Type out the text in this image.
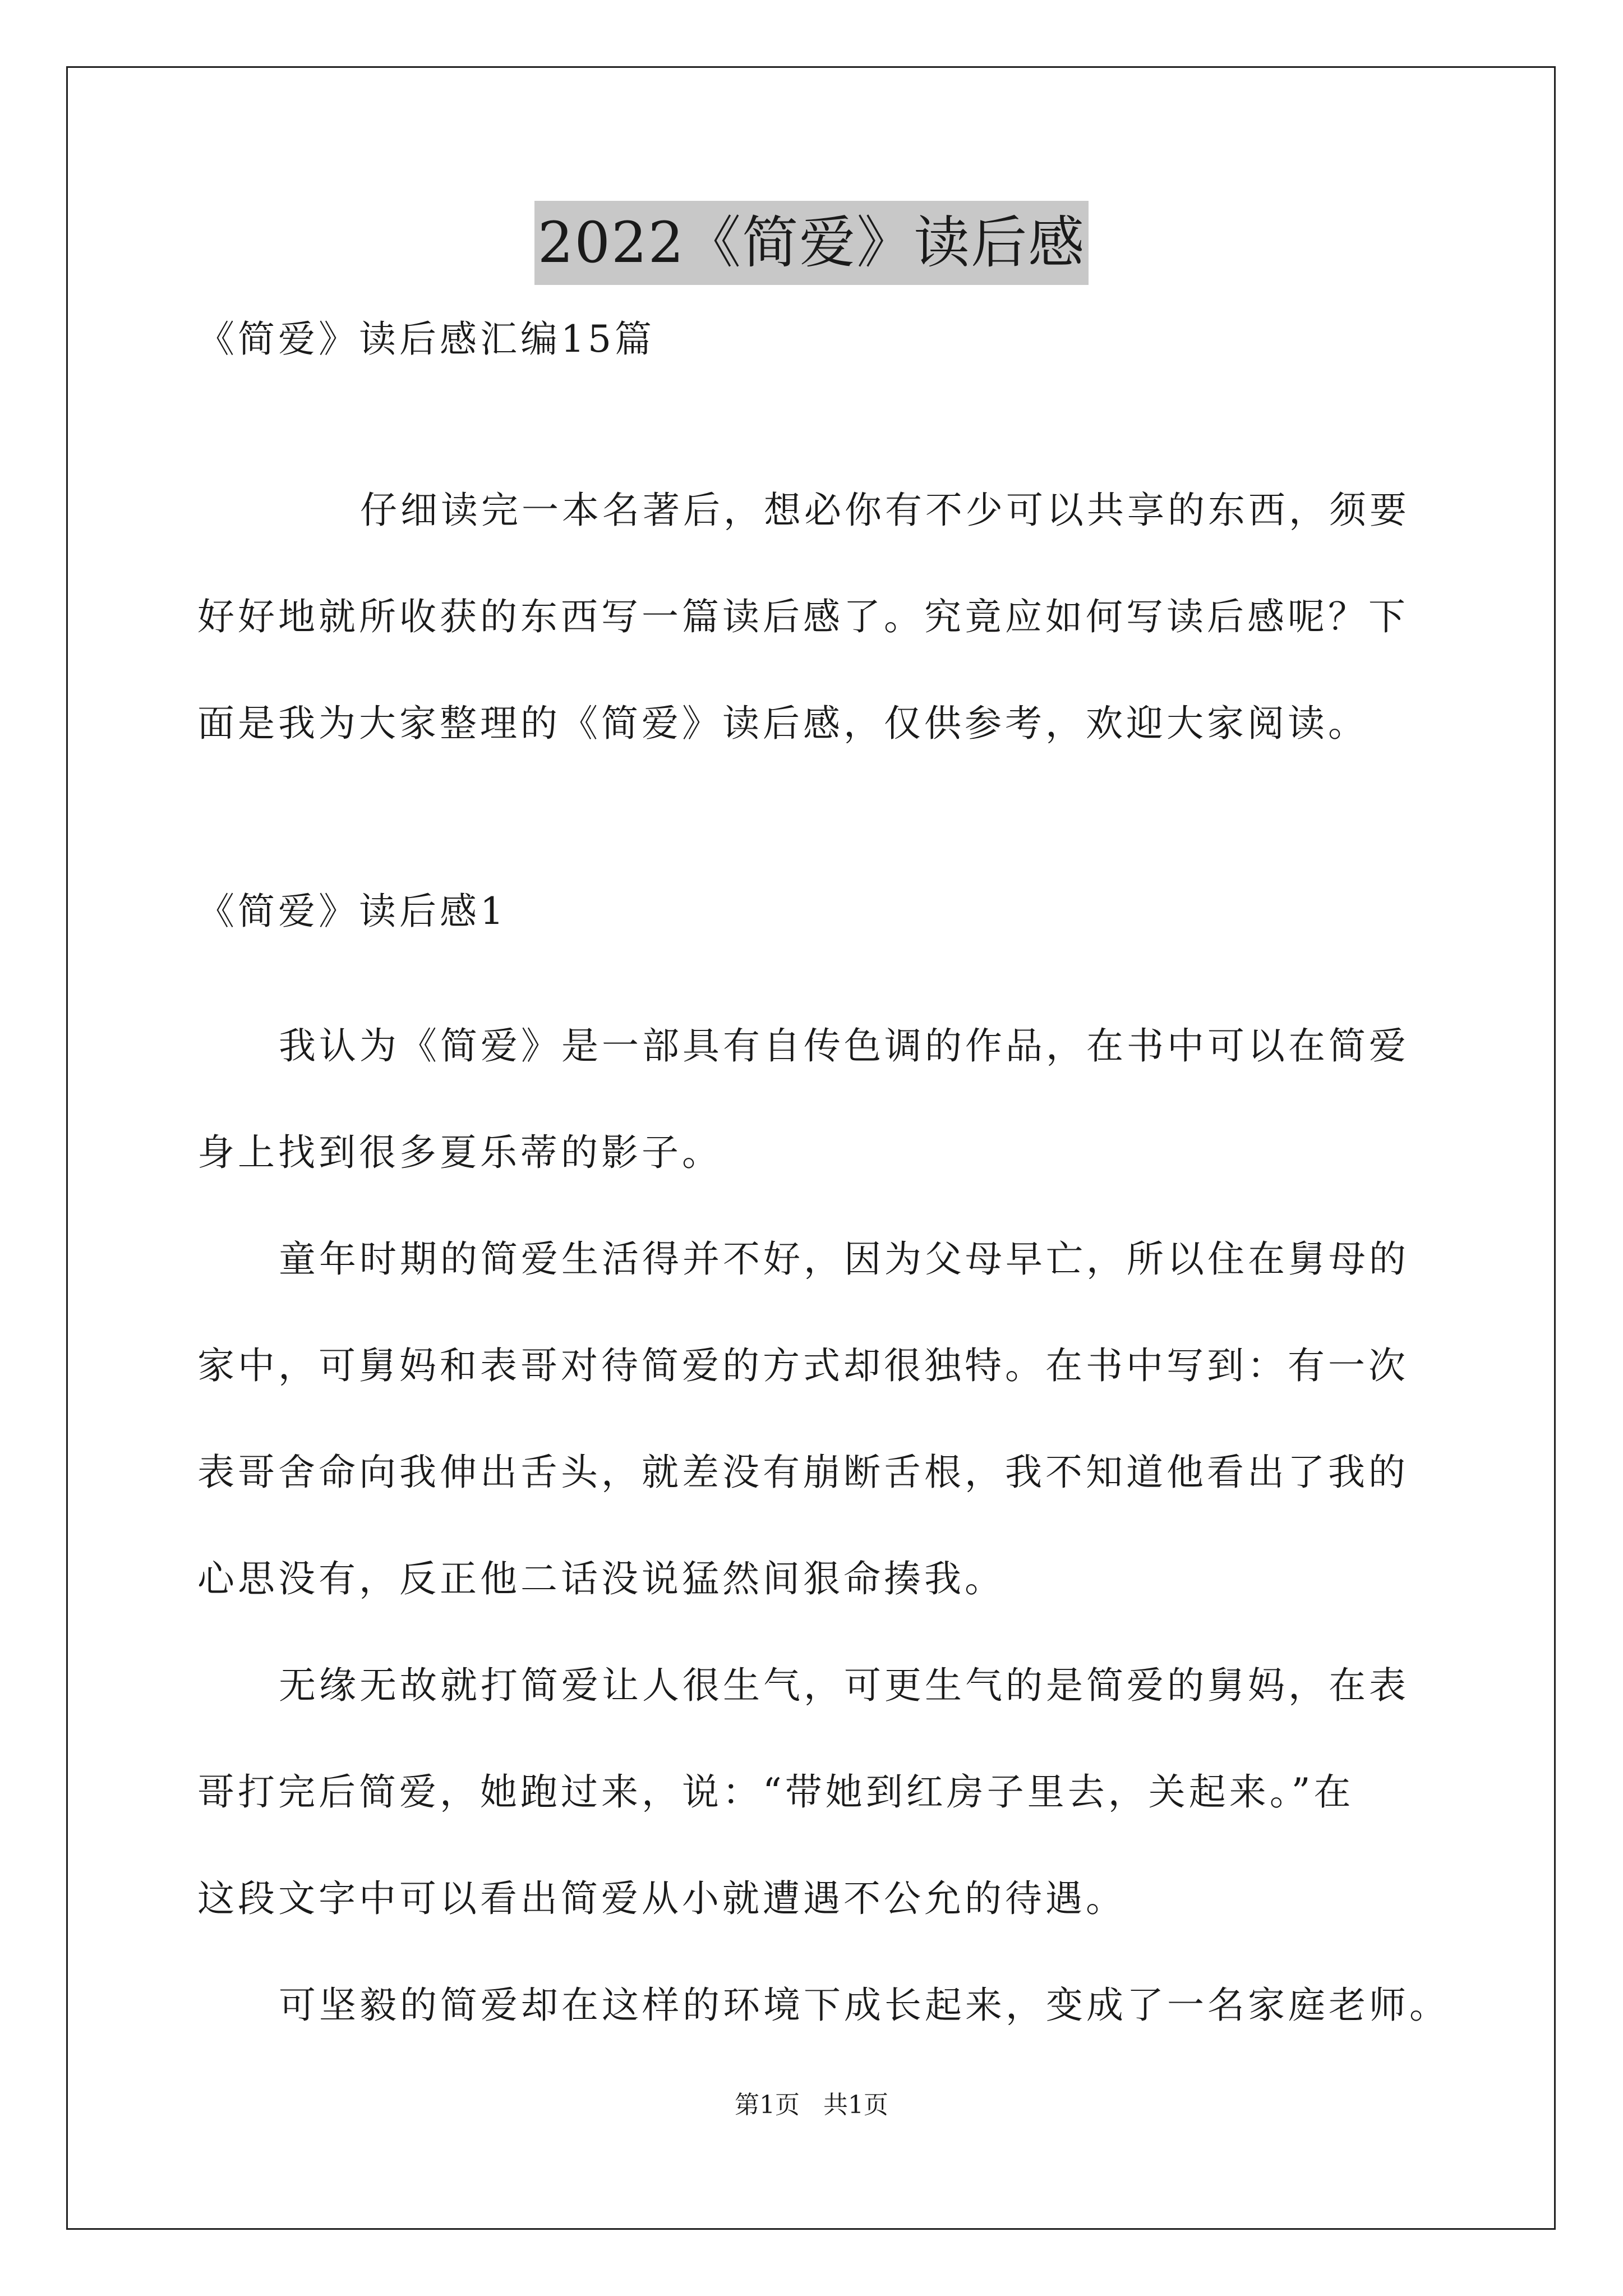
2022《简爱》读后感
《简爱》读后感汇编15篇
仔细读完一本名著后，想必你有不少可以共享的东西，须要
好好地就所收获的东西写一篇读后感了。究竟应如何写读后感呢？下
面是我为大家整理的《简爱》读后感，仅供参考，欢迎大家阅读。
《简爱》读后感1
我认为《简爱》是一部具有自传色调的作品，在书中可以在简爱
身上找到很多夏乐蒂的影子。
童年时期的简爱生活得并不好，因为父母早亡，所以住在舅母的
家中，可舅妈和表哥对待简爱的方式却很独特。在书中写到：有一次
表哥舍命向我伸出舌头，就差没有崩断舌根，我不知道他看出了我的
心思没有，反正他二话没说猛然间狠命揍我。
无缘无故就打简爱让人很生气，可更生气的是简爱的舅妈，在表
哥打完后简爱，她跑过来，说：“带她到红房子里去，关起来。”在
这段文字中可以看出简爱从小就遭遇不公允的待遇。
可坚毅的简爱却在这样的环境下成长起来，变成了一名家庭老师。
第1页 共1页
